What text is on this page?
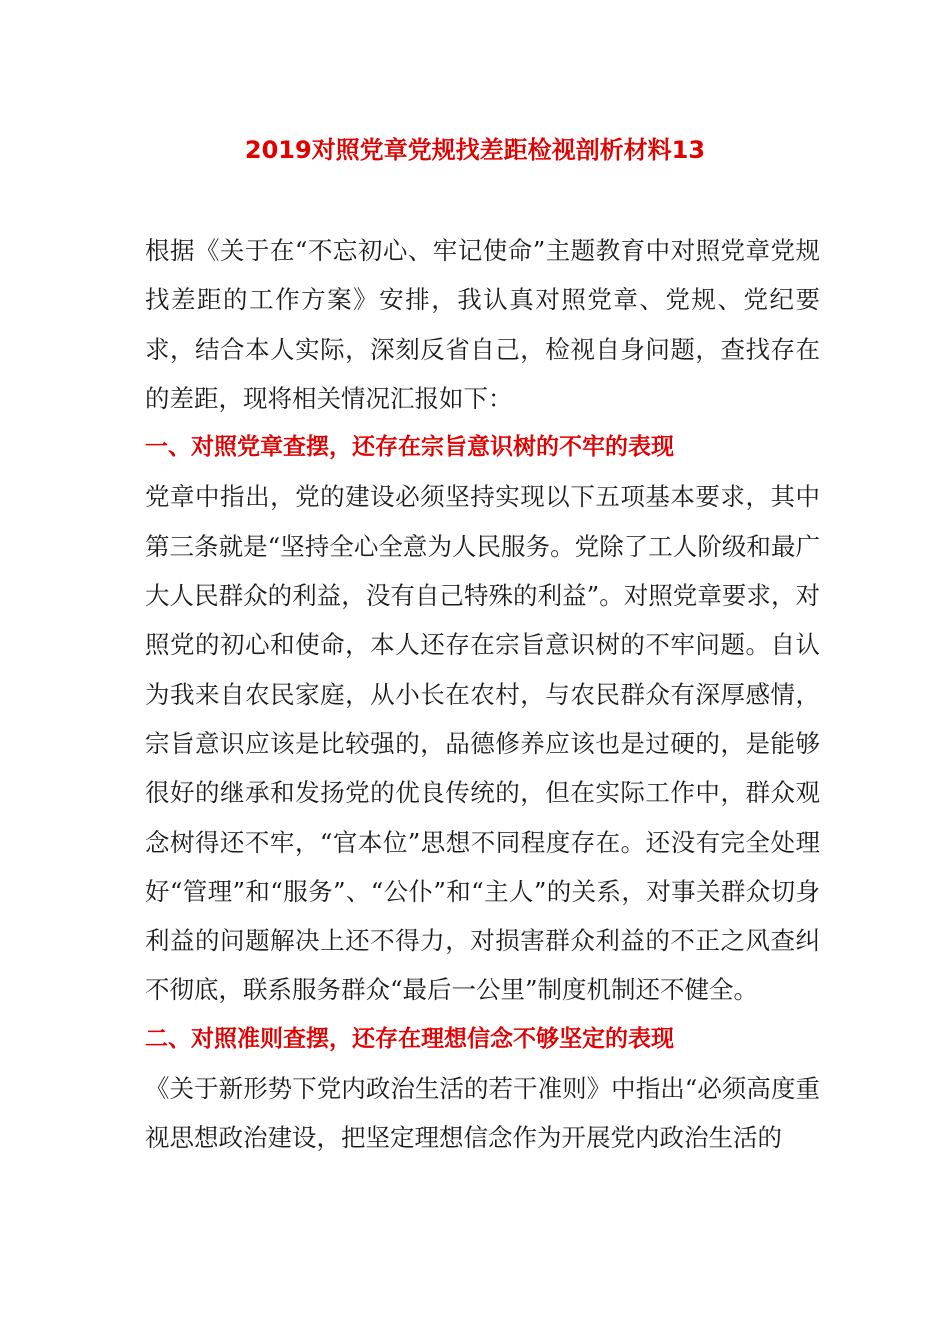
2019对照党章党规找差距检视剖析材料13

根据《关于在“不忘初心、牢记使命”主题教育中对照党章党规找差距的工作方案》安排，我认真对照党章、党规、党纪要求，结合本人实际，深刻反省自己，检视自身问题，查找存在的差距，现将相关情况汇报如下：

一、对照党章查摆，还存在宗旨意识树的不牢的表现

党章中指出，党的建设必须坚持实现以下五项基本要求，其中第三条就是“坚持全心全意为人民服务。党除了工人阶级和最广大人民群众的利益，没有自己特殊的利益”。对照党章要求，对照党的初心和使命，本人还存在宗旨意识树的不牢问题。自认为我来自农民家庭，从小长在农村，与农民群众有深厚感情，宗旨意识应该是比较强的，品德修养应该也是过硬的，是能够很好的继承和发扬党的优良传统的，但在实际工作中，群众观念树得还不牢，“官本位”思想不同程度存在。还没有完全处理好“管理”和“服务”、“公仆”和“主人”的关系，对事关群众切身利益的问题解决上还不得力，对损害群众利益的不正之风查纠不彻底，联系服务群众“最后一公里”制度机制还不健全。

二、对照准则查摆，还存在理想信念不够坚定的表现

《关于新形势下党内政治生活的若干准则》中指出“必须高度重视思想政治建设，把坚定理想信念作为开展党内政治生活的
